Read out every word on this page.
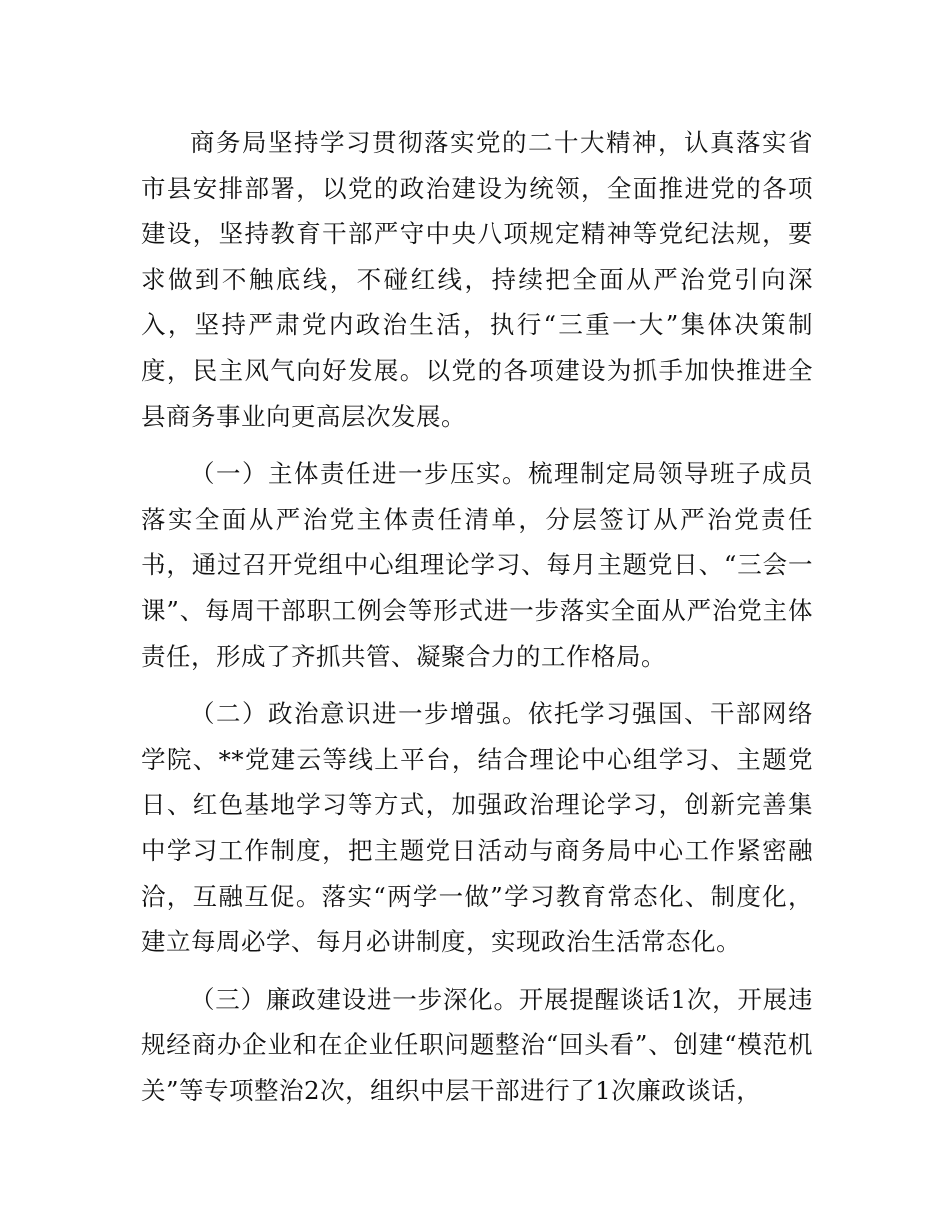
商务局坚持学习贯彻落实党的二十大精神，认真落实省市县安排部署，以党的政治建设为统领，全面推进党的各项建设，坚持教育干部严守中央八项规定精神等党纪法规，要求做到不触底线，不碰红线，持续把全面从严治党引向深入，坚持严肃党内政治生活，执行“三重一大”集体决策制度，民主风气向好发展。以党的各项建设为抓手加快推进全县商务事业向更高层次发展。

（一）主体责任进一步压实。梳理制定局领导班子成员落实全面从严治党主体责任清单，分层签订从严治党责任书，通过召开党组中心组理论学习、每月主题党日、“三会一课”、每周干部职工例会等形式进一步落实全面从严治党主体责任，形成了齐抓共管、凝聚合力的工作格局。

（二）政治意识进一步增强。依托学习强国、干部网络学院、**党建云等线上平台，结合理论中心组学习、主题党日、红色基地学习等方式，加强政治理论学习，创新完善集中学习工作制度，把主题党日活动与商务局中心工作紧密融洽，互融互促。落实“两学一做”学习教育常态化、制度化，建立每周必学、每月必讲制度，实现政治生活常态化。

（三）廉政建设进一步深化。开展提醒谈话1次，开展违规经商办企业和在企业任职问题整治“回头看”、创建“模范机关”等专项整治2次，组织中层干部进行了1次廉政谈话，
